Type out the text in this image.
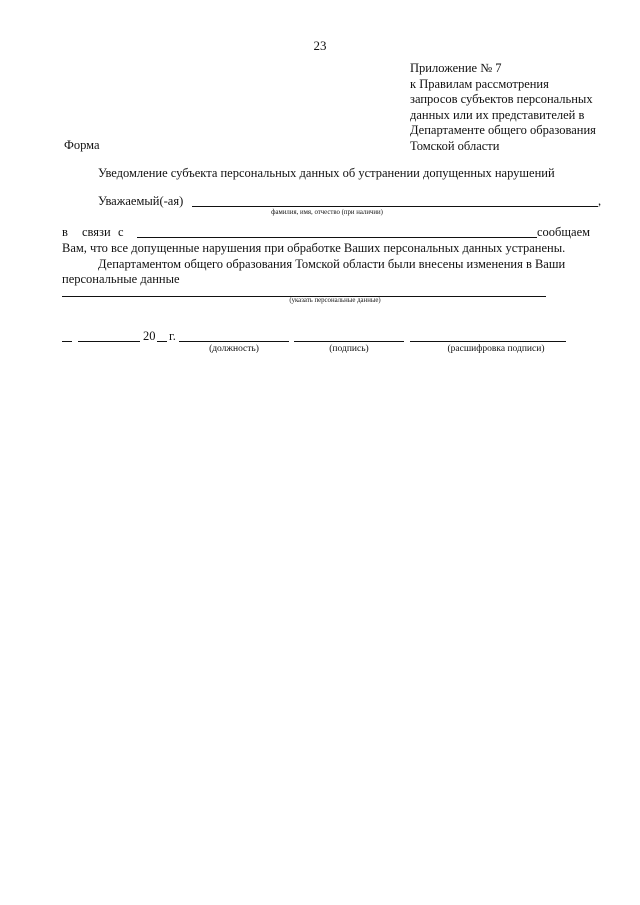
23
Приложение № 7
к Правилам рассмотрения
запросов субъектов персональных
данных или их представителей в
Департаменте общего образования
Томской области
Форма
Уведомление субъекта персональных данных об устранении допущенных нарушений
Уважаемый(-ая)	,
фамилия, имя, отчество (при наличии)
в связи с	сообщаем
Вам, что все допущенные нарушения при обработке Ваших персональных данных устранены.
Департаментом общего образования Томской области были внесены изменения в Ваши
персональные данные
(указать персональные данные)
20 г.
(должность)	(подпись)	(расшифровка подписи)
